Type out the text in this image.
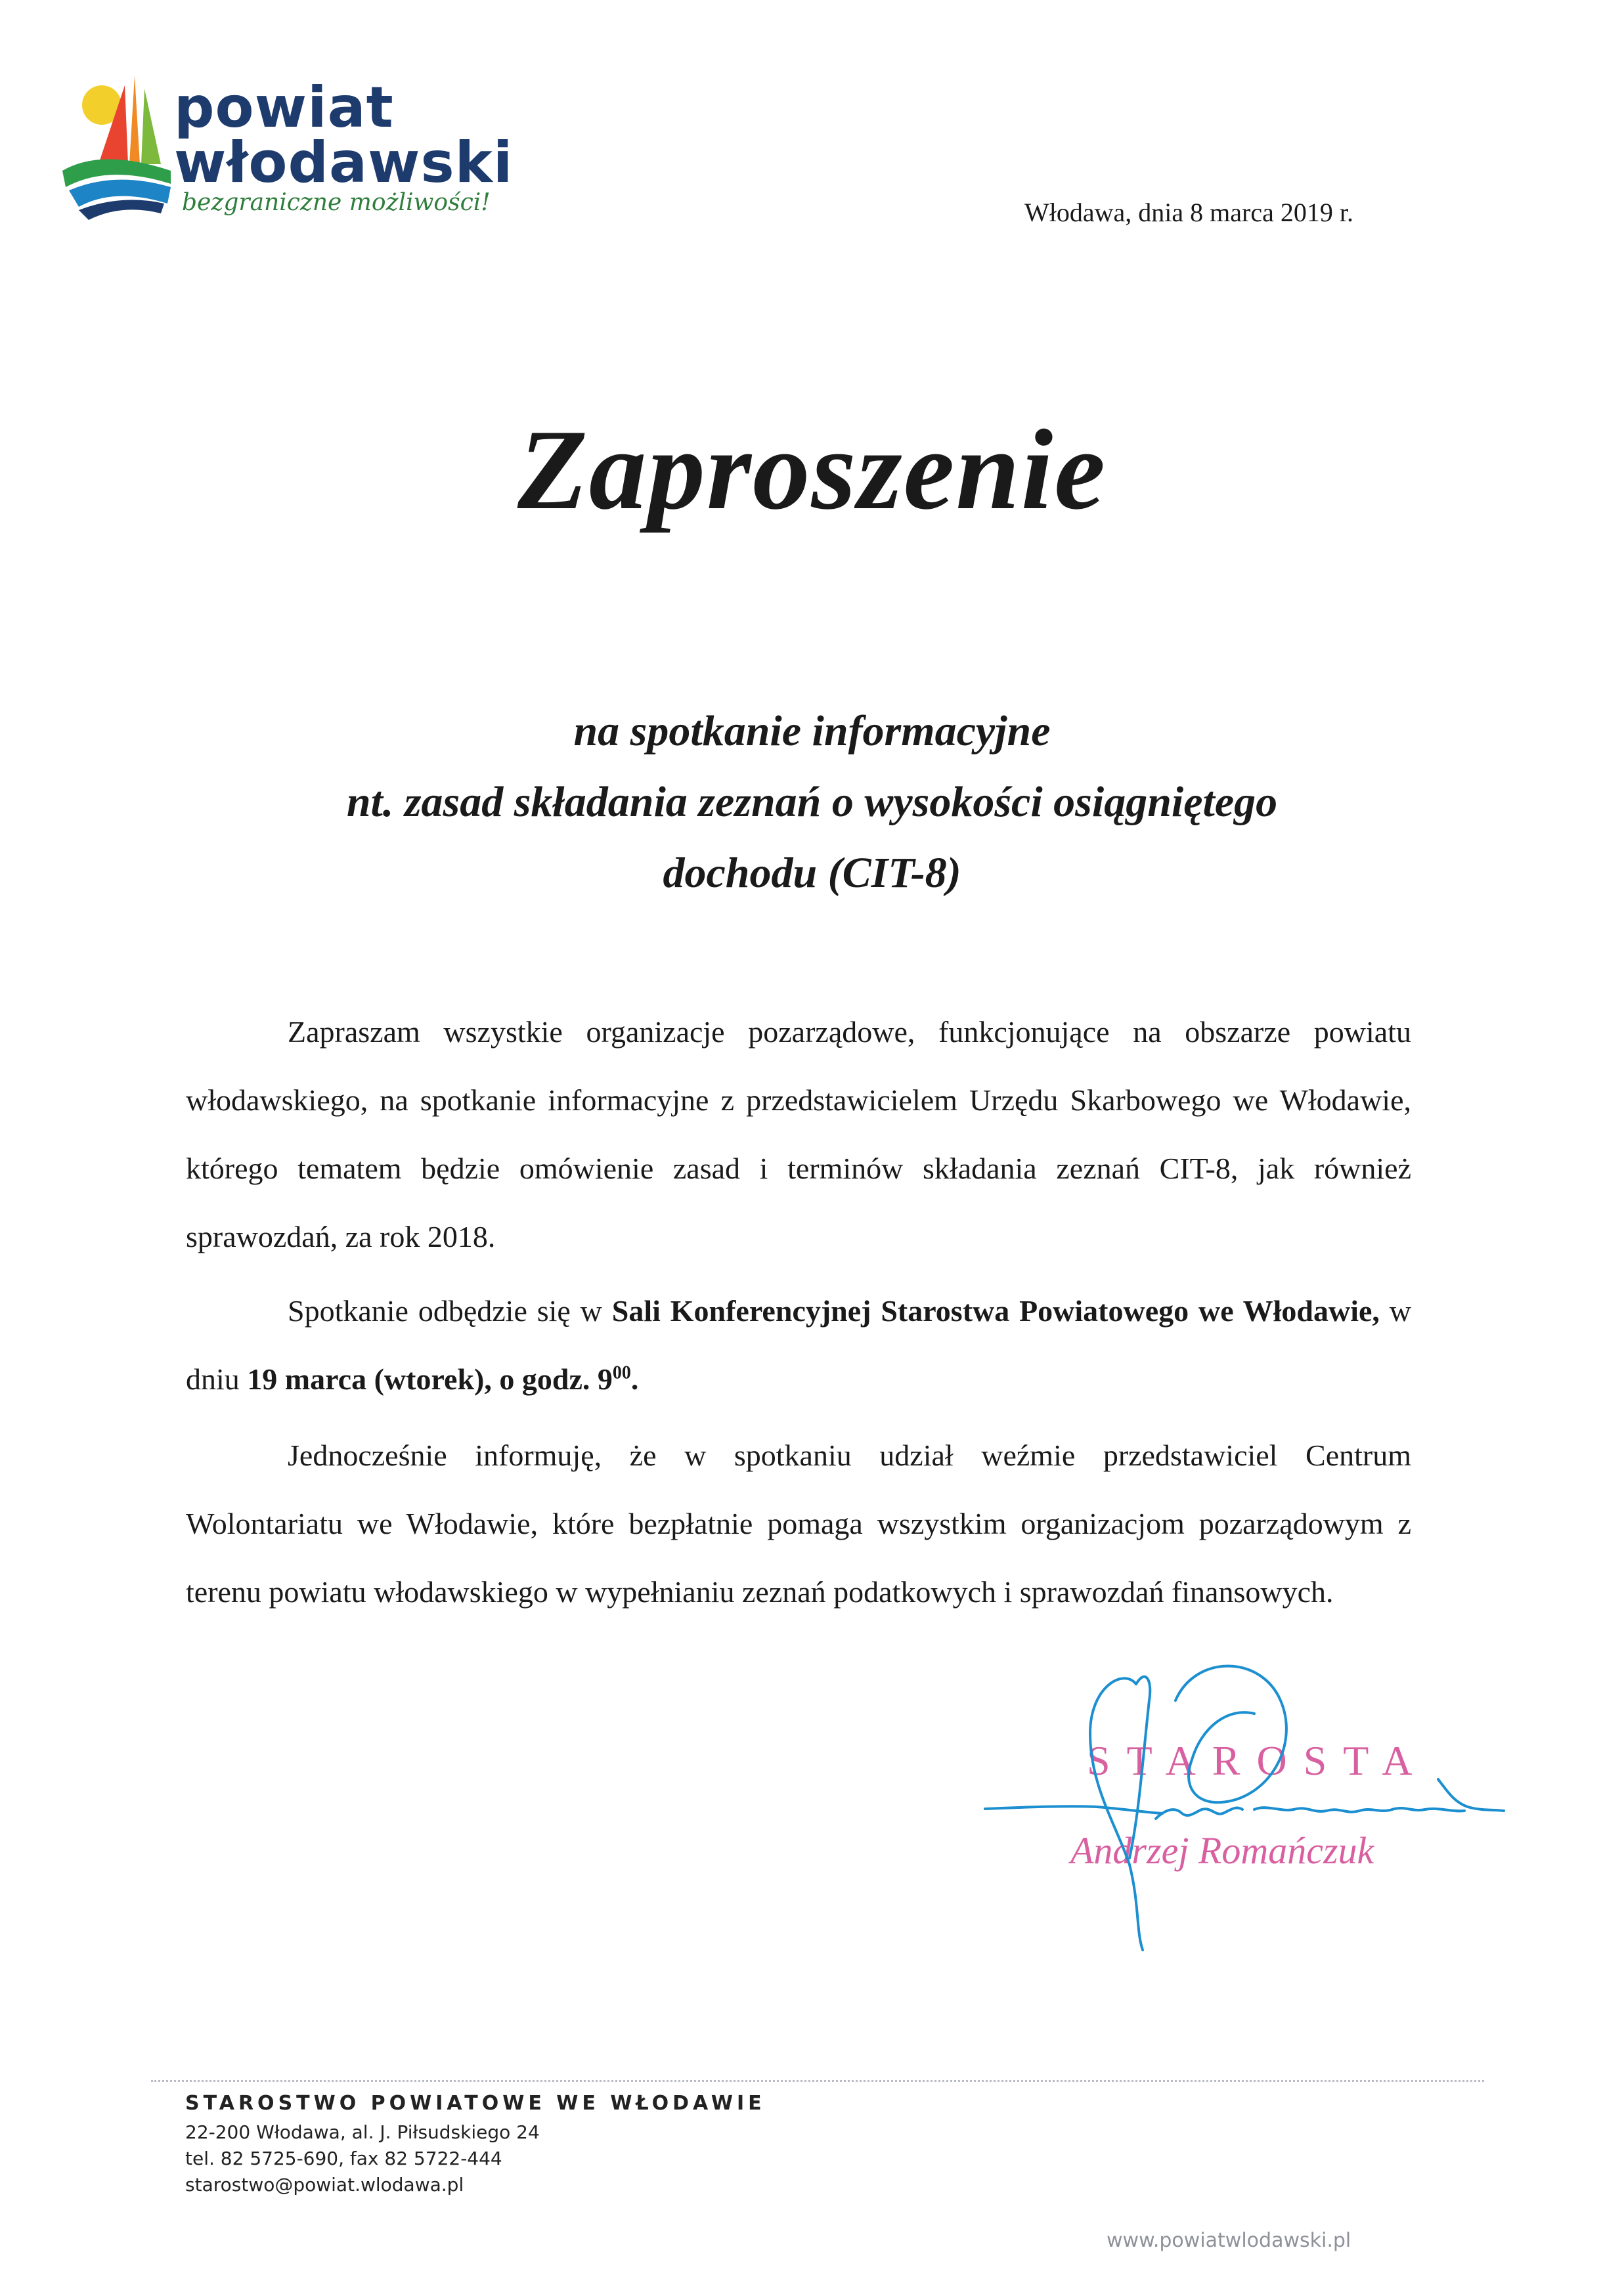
powiat
włodawski
bezgraniczne możliwości!	Włodawa, dnia 8 marca 2019 r.
Zaproszenie
na spotkanie informacyjne
nt. zasad składania zeznań o wysokości osiągniętego
dochodu (CIT-8)
Zapraszam wszystkie organizacje pozarządowe, funkcjonujące na obszarze powiatu włodawskiego, na spotkanie informacyjne z przedstawicielem Urzędu Skarbowego we Włodawie, którego tematem będzie omówienie zasad i terminów składania zeznań CIT-8, jak również sprawozdań, za rok 2018.
Spotkanie odbędzie się w Sali Konferencyjnej Starostwa Powiatowego we Włodawie, w dniu 19 marca (wtorek), o godz. $9^{00}$.
Jednocześnie informuję, że w spotkaniu udział weźmie przedstawiciel Centrum Wolontariatu we Włodawie, które bezpłatnie pomaga wszystkim organizacjom pozarządowym z terenu powiatu włodawskiego w wypełnianiu zeznań podatkowych i sprawozdań finansowych.
STAROSTA
Andrzej Romańczuk
STAROSTWO POWIATOWE WE WŁODAWIE
22-200 Włodawa, al. J. Piłsudskiego 24
tel. 82 5725-690, fax 82 5722-444
starostwo@powiat.wlodawa.pl
www.powiatwlodawski.pl
